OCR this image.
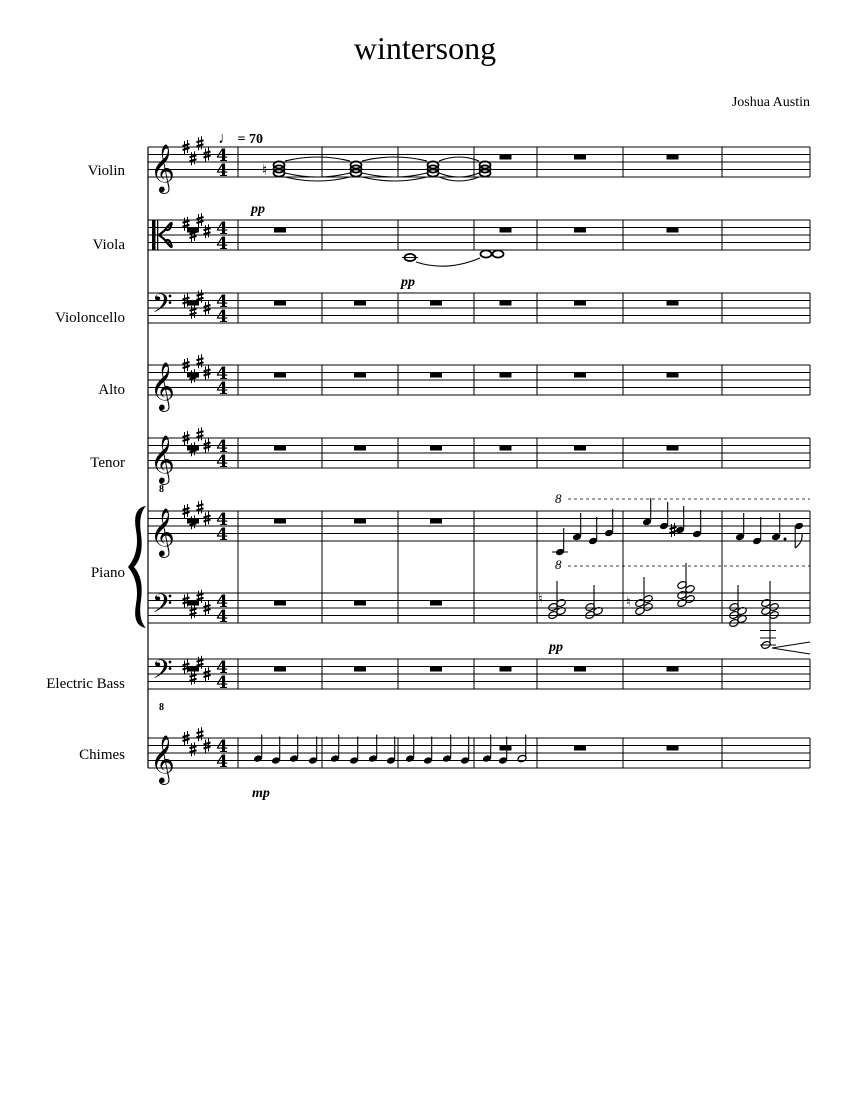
wintersong
Joshua Austin
♩ = 70
Violin
Viola
Violoncello
Alto
Tenor
Piano
Electric Bass
Chimes
pp
pp
pp
mp
8
8
8
8
𝄞 4
4
4
4
𝄢	4
4
𝄞 4
4
𝄞 4
4
𝄞 4
4
𝄢	4
4
𝄢	4
4
𝄞 4
4
♮
♮	♮
